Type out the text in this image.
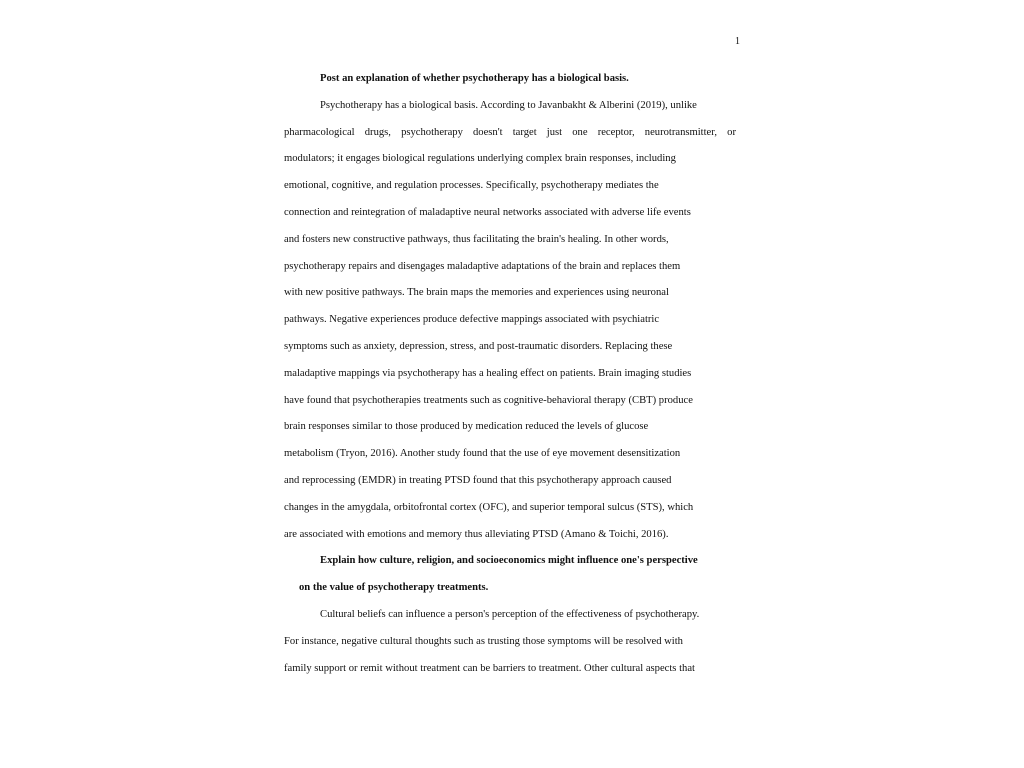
1
Post an explanation of whether psychotherapy has a biological basis.
Psychotherapy has a biological basis. According to Javanbakht & Alberini (2019), unlike
pharmacological drugs, psychotherapy doesn't target just one receptor, neurotransmitter, or
modulators; it engages biological regulations underlying complex brain responses, including
emotional, cognitive, and regulation processes. Specifically, psychotherapy mediates the
connection and reintegration of maladaptive neural networks associated with adverse life events
and fosters new constructive pathways, thus facilitating the brain's healing. In other words,
psychotherapy repairs and disengages maladaptive adaptations of the brain and replaces them
with new positive pathways. The brain maps the memories and experiences using neuronal
pathways. Negative experiences produce defective mappings associated with psychiatric
symptoms such as anxiety, depression, stress, and post-traumatic disorders. Replacing these
maladaptive mappings via psychotherapy has a healing effect on patients. Brain imaging studies
have found that psychotherapies treatments such as cognitive-behavioral therapy (CBT) produce
brain responses similar to those produced by medication reduced the levels of glucose
metabolism (Tryon, 2016). Another study found that the use of eye movement desensitization
and reprocessing (EMDR) in treating PTSD found that this psychotherapy approach caused
changes in the amygdala, orbitofrontal cortex (OFC), and superior temporal sulcus (STS), which
are associated with emotions and memory thus alleviating PTSD (Amano & Toichi, 2016).
Explain how culture, religion, and socioeconomics might influence one's perspective
on the value of psychotherapy treatments.
Cultural beliefs can influence a person's perception of the effectiveness of psychotherapy.
For instance, negative cultural thoughts such as trusting those symptoms will be resolved with
family support or remit without treatment can be barriers to treatment. Other cultural aspects that
